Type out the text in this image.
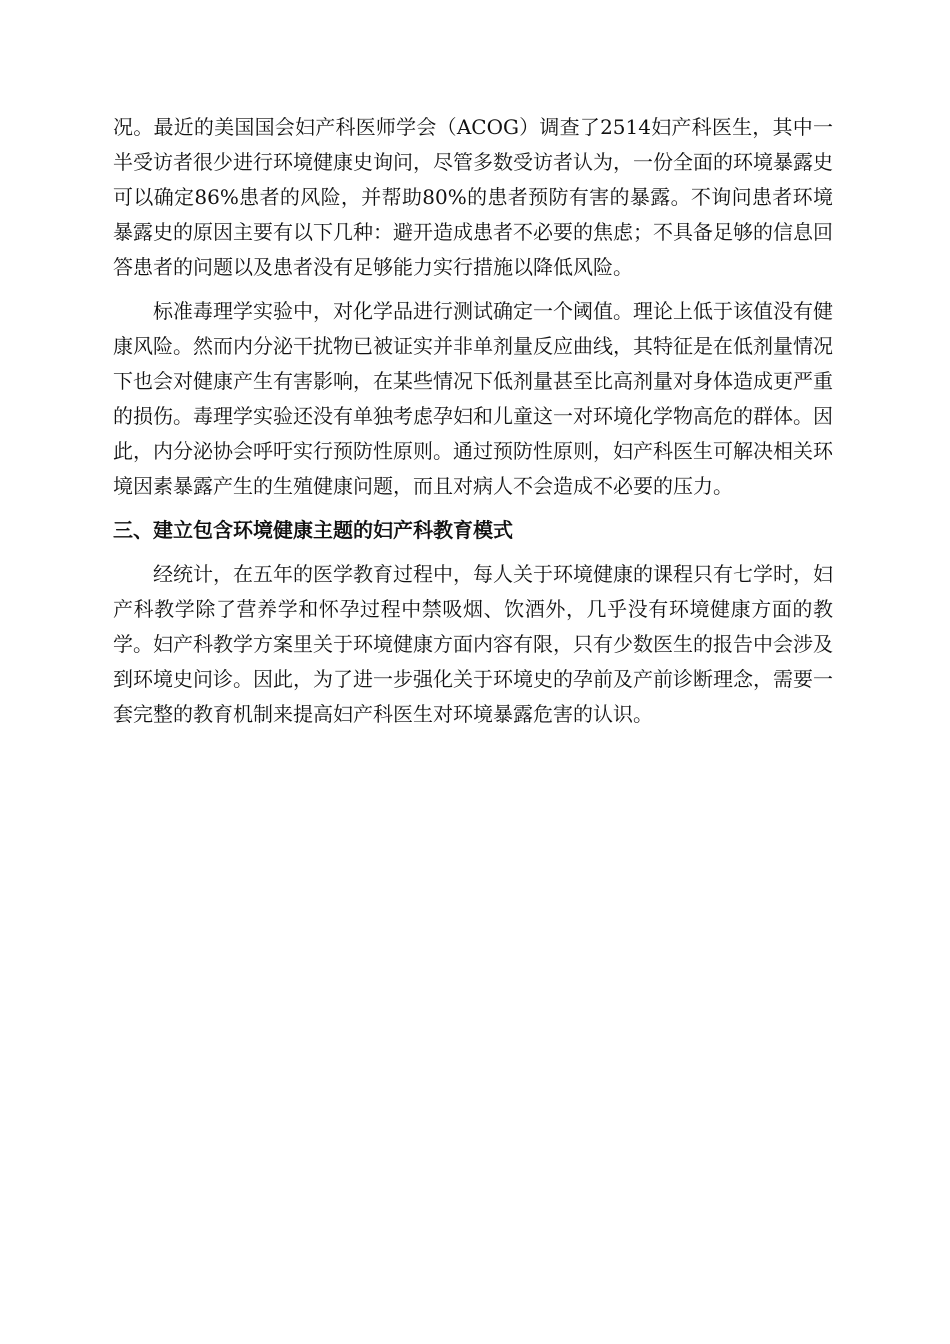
况。最近的美国国会妇产科医师学会（ACOG）调查了2514妇产科医生，其中一半受访者很少进行环境健康史询问，尽管多数受访者认为，一份全面的环境暴露史可以确定86%患者的风险，并帮助80%的患者预防有害的暴露。不询问患者环境暴露史的原因主要有以下几种：避开造成患者不必要的焦虑；不具备足够的信息回答患者的问题以及患者没有足够能力实行措施以降低风险。

标准毒理学实验中，对化学品进行测试确定一个阈值。理论上低于该值没有健康风险。然而内分泌干扰物已被证实并非单剂量反应曲线，其特征是在低剂量情况下也会对健康产生有害影响，在某些情况下低剂量甚至比高剂量对身体造成更严重的损伤。毒理学实验还没有单独考虑孕妇和儿童这一对环境化学物高危的群体。因此，内分泌协会呼吁实行预防性原则。通过预防性原则，妇产科医生可解决相关环境因素暴露产生的生殖健康问题，而且对病人不会造成不必要的压力。

三、建立包含环境健康主题的妇产科教育模式

经统计，在五年的医学教育过程中，每人关于环境健康的课程只有七学时，妇产科教学除了营养学和怀孕过程中禁吸烟、饮酒外，几乎没有环境健康方面的教学。妇产科教学方案里关于环境健康方面内容有限，只有少数医生的报告中会涉及到环境史问诊。因此，为了进一步强化关于环境史的孕前及产前诊断理念，需要一套完整的教育机制来提高妇产科医生对环境暴露危害的认识。
